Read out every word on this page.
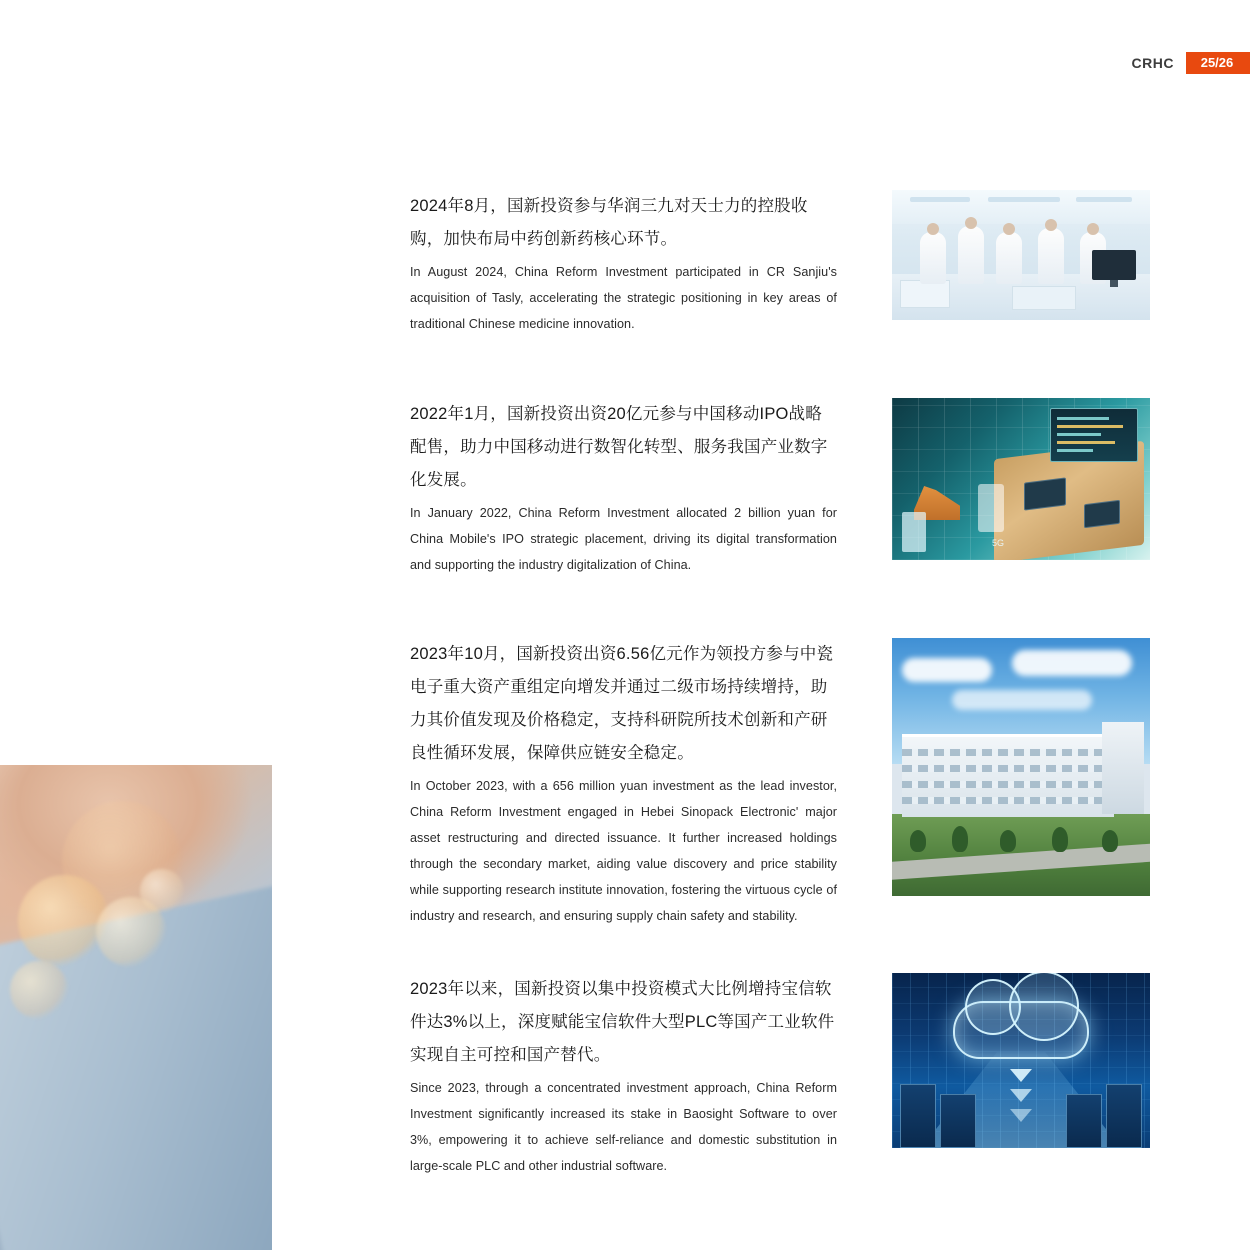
CRHC	25/26

2024年8月，国新投资参与华润三九对天士力的控股收购，加快布局中药创新药核心环节。

In August 2024, China Reform Investment participated in CR Sanjiu's acquisition of Tasly, accelerating the strategic positioning in key areas of traditional Chinese medicine innovation.

2022年1月，国新投资出资20亿元参与中国移动IPO战略配售，助力中国移动进行数智化转型、服务我国产业数字化发展。

In January 2022, China Reform Investment allocated 2 billion yuan for China Mobile's IPO strategic placement, driving its digital transformation and supporting the industry digitalization of China.

5G

2023年10月，国新投资出资6.56亿元作为领投方参与中瓷电子重大资产重组定向增发并通过二级市场持续增持，助力其价值发现及价格稳定，支持科研院所技术创新和产研良性循环发展，保障供应链安全稳定。

In October 2023, with a 656 million yuan investment as the lead investor, China Reform Investment engaged in Hebei Sinopack Electronic' major asset restructuring and directed issuance. It further increased holdings through the secondary market, aiding value discovery and price stability while supporting research institute innovation, fostering the virtuous cycle of industry and research, and ensuring supply chain safety and stability.

2023年以来，国新投资以集中投资模式大比例增持宝信软件达3%以上，深度赋能宝信软件大型PLC等国产工业软件实现自主可控和国产替代。

Since 2023, through a concentrated investment approach, China Reform Investment significantly increased its stake in Baosight Software to over 3%, empowering it to achieve self-reliance and domestic substitution in large-scale PLC and other industrial software.
